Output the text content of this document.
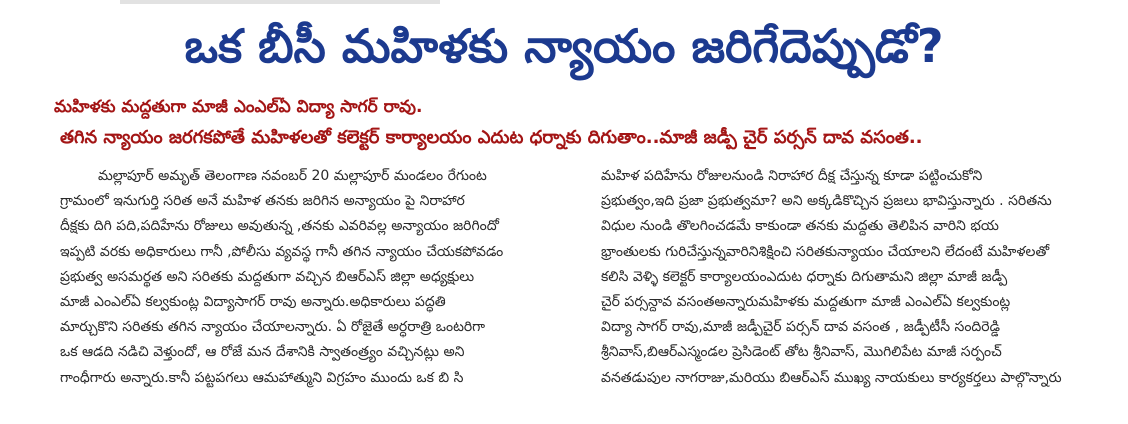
ఒక బీసీ మహిళకు న్యాయం జరిగేదెప్పుడో?
మహిళకు మద్దతుగా మాజీ ఎంఎల్ఏ విద్యా సాగర్ రావు.
తగిన న్యాయం జరగకపోతే మహిళలతో కలెక్టర్ కార్యాలయం ఎదుట ధర్నాకు దిగుతాం..మాజీ జడ్పీ చైర్ పర్సన్ దావ వసంత..
మల్లాపూర్ అమృత్ తెలంగాణ నవంబర్ 20 మల్లాపూర్ మండలం రేగుంట
గ్రామంలో ఇనుగుర్తి సరిత అనే మహిళ తనకు జరిగిన అన్యాయం పై నిరాహార
దీక్షకు దిగి పది,పదిహేను రోజులు అవుతున్న ,తనకు ఎవరివల్ల అన్యాయం జరిగిందో
ఇప్పటి వరకు అధికారులు గానీ ,పోలీసు వ్యవస్థ గానీ తగిన న్యాయం చేయకపోవడం
ప్రభుత్వ అసమర్థత అని సరితకు మద్దతుగా వచ్చిన బిఆర్ఎస్ జిల్లా అధ్యక్షులు
మాజీ ఎంఎల్ఏ కల్వకుంట్ల విద్యాసాగర్ రావు అన్నారు.అధికారులు పద్ధతి
మార్చుకొని సరితకు తగిన న్యాయం చేయాలన్నారు. ఏ రోజైతే అర్ధరాత్రి ఒంటరిగా
ఒక ఆడది నడిచి వెళ్తుందో, ఆ రోజే మన దేశానికి స్వాతంత్ర్యం వచ్చినట్లు అని
గాంధీగారు అన్నారు.కానీ పట్టపగలు ఆమహాత్ముని విగ్రహం ముందు ఒక బి సి
మహిళ పదిహేను రోజులనుండి నిరాహార దీక్ష చేస్తున్న కూడా పట్టించుకోని
ప్రభుత్వం,ఇది ప్రజా ప్రభుత్వమా? అని అక్కడికొచ్చిన ప్రజలు భావిస్తున్నారు . సరితను
విధుల నుండి తొలగించడమే కాకుండా తనకు మద్దతు తెలిపిన వారిని భయ
భ్రాంతులకు గురిచేస్తున్నవారినిశిక్షించి సరితకున్యాయం చేయాలని లేదంటే మహిళలతో
కలిసి వెళ్ళి కలెక్టర్ కార్యాలయంఎదుట ధర్నాకు దిగుతామని జిల్లా మాజీ జడ్పీ
చైర్ పర్సన్దావ వసంతఅన్నారుమహిళకు మద్దతుగా మాజీ ఎంఎల్ఏ కల్వకుంట్ల
విద్యా సాగర్ రావు,మాజీ జడ్పీచైర్ పర్సన్ దావ వసంత , జడ్పీటీసీ సందిరెడ్డి
శ్రీనివాస్,బిఆర్ఎస్మండల ప్రెసిడెంట్ తోట శ్రీనివాస్, మొగిలిపేట మాజీ సర్పంచ్
వనతడుపుల నాగరాజు,మరియు బిఆర్ఎస్ ముఖ్య నాయకులు కార్యకర్తలు పాల్గొన్నారు
